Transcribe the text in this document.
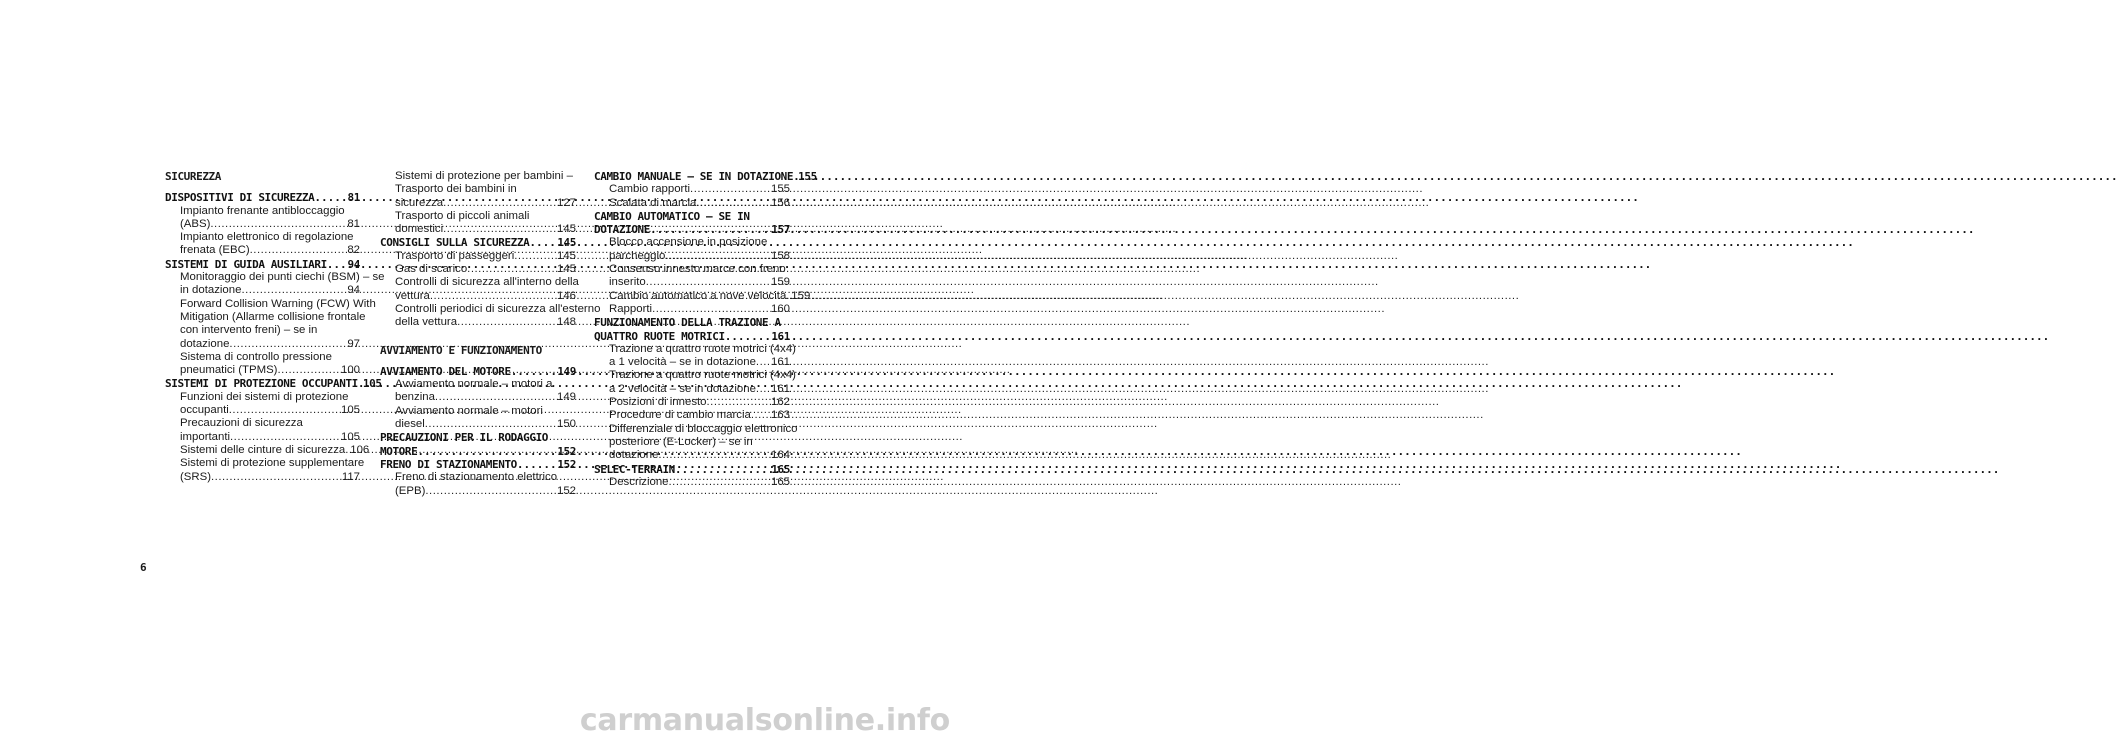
SICUREZZA
DISPOSITIVI DI SICUREZZA .....	81
Impianto frenante antibloccaggio
(ABS) .....	81
Impianto elettronico di regolazione
frenata (EBC) .....	82
SISTEMI DI GUIDA AUSILIARI ..... 94
Monitoraggio dei punti ciechi (BSM) – se
in dotazione .....	94
Forward Collision Warning (FCW) With
Mitigation (Allarme collisione frontale
con intervento freni) – se in
dotazione .....	97
Sistema di controllo pressione
pneumatici (TPMS) .....	100
SISTEMI DI PROTEZIONE OCCUPANTI ..... 105
Funzioni dei sistemi di protezione
occupanti .....	105
Precauzioni di sicurezza
importanti .....	105
Sistemi delle cinture di sicurezza ..... 106
Sistemi di protezione supplementare
(SRS) .....	117
Sistemi di protezione per bambini –
Trasporto dei bambini in
sicurezza .....	127
Trasporto di piccoli animali
domestici .....	145
CONSIGLI SULLA SICUREZZA .....	145
Trasporto di passeggeri .....	145
Gas di scarico .....	145
Controlli di sicurezza all'interno della
vettura .....	146
Controlli periodici di sicurezza all'esterno
della vettura .....	148
AVVIAMENTO E FUNZIONAMENTO
AVVIAMENTO DEL MOTORE .....	149
Avviamento normale – motori a
benzina .....	149
Avviamento normale – motori
diesel .....	150
PRECAUZIONI PER IL RODAGGIO
MOTORE .....	152
FRENO DI STAZIONAMENTO .....	152
Freno di stazionamento elettrico
(EPB) .....	152
CAMBIO MANUALE – SE IN DOTAZIONE ..... 155
Cambio rapporti .....	155
Scalata di marcia .....	156
CAMBIO AUTOMATICO – SE IN
DOTAZIONE .....	157
Blocco accensione in posizione
parcheggio .....	158
Consenso innesto marce con freno
inserito .....	159
Cambio automatico a nove velocità ..... 159
Rapporti .....	160
FUNZIONAMENTO DELLA TRAZIONE A
QUATTRO RUOTE MOTRICI .....	161
Trazione a quattro ruote motrici (4x4)
a 1 velocità – se in dotazione ..... 161
Trazione a quattro ruote motrici (4x4)
a 2 velocità – se in dotazione ..... 161
Posizioni di innesto .....	162
Procedure di cambio marcia ..... 163
Differenziale di bloccaggio elettronico
posteriore (E-Locker) – se in
dotazione .....	164
SELEC-TERRAIN .....	165
Descrizione .....	165
6
carmanualsonline.info
